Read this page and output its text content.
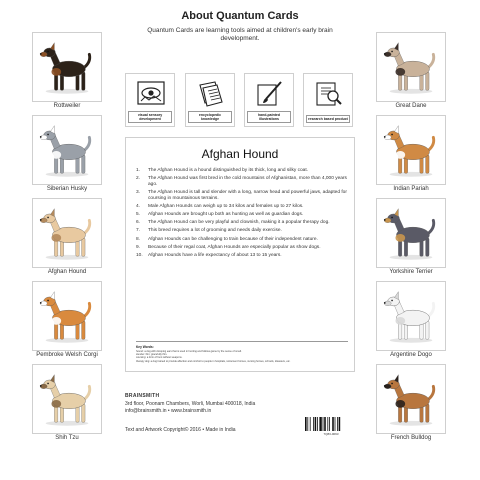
About Quantum Cards
Quantum Cards are learning tools aimed at children's early brain development.
Rottweiler
Siberian Husky
Afghan Hound
Pembroke Welsh Corgi
Shih Tzu
Great Dane
Indian Pariah
Yorkshire Terrier
Argentine Dogo
French Bulldog
visual sensory development
encyclopedic knowledge
hand-painted illustrations	research based product
Afghan Hound
1. The Afghan Hound is a hound distinguished by its thick, long and silky coat.
2. The Afghan Hound was first bred in the cold mountains of Afghanistan, more than 4,000 years ago.
3. The Afghan Hound is tall and slender with a long, narrow head and powerful jaws, adapted for coursing in mountainous terrains.
4. Male Afghan Hounds can weigh up to 34 kilos and females up to 27 kilos.
5. Afghan Hounds are brought up both as hunting as well as guardian dogs.
6. The Afghan Hound can be very playful and clownish, making it a popular therapy dog.
7. This breed requires a lot of grooming and needs daily exercise.
8. Afghan Hounds can be challenging to train because of their independent nature.
9. Because of their regal coat, Afghan Hounds are especially popular as show dogs.
10. Afghan Hounds have a life expectancy of about 13 to 15 years.
Key Words:
hound: a dog with drooping ears that is used in hunting and follows game by the sense of smell.
slender: thin; gracefully thin.
coursing: a form of hunt without weapons.
therapy dog: a dog trained to provide affection and comfort to people in hospitals, retirement homes, nursing homes, schools, disasters, etc.
BRAINSMITH
3rd floor, Poonam Chambers, Worli, Mumbai 400018, India
info@brainsmith.in • www.brainsmith.in
Text and Artwork Copyright© 2016 • Made in India
7Q83-0093
